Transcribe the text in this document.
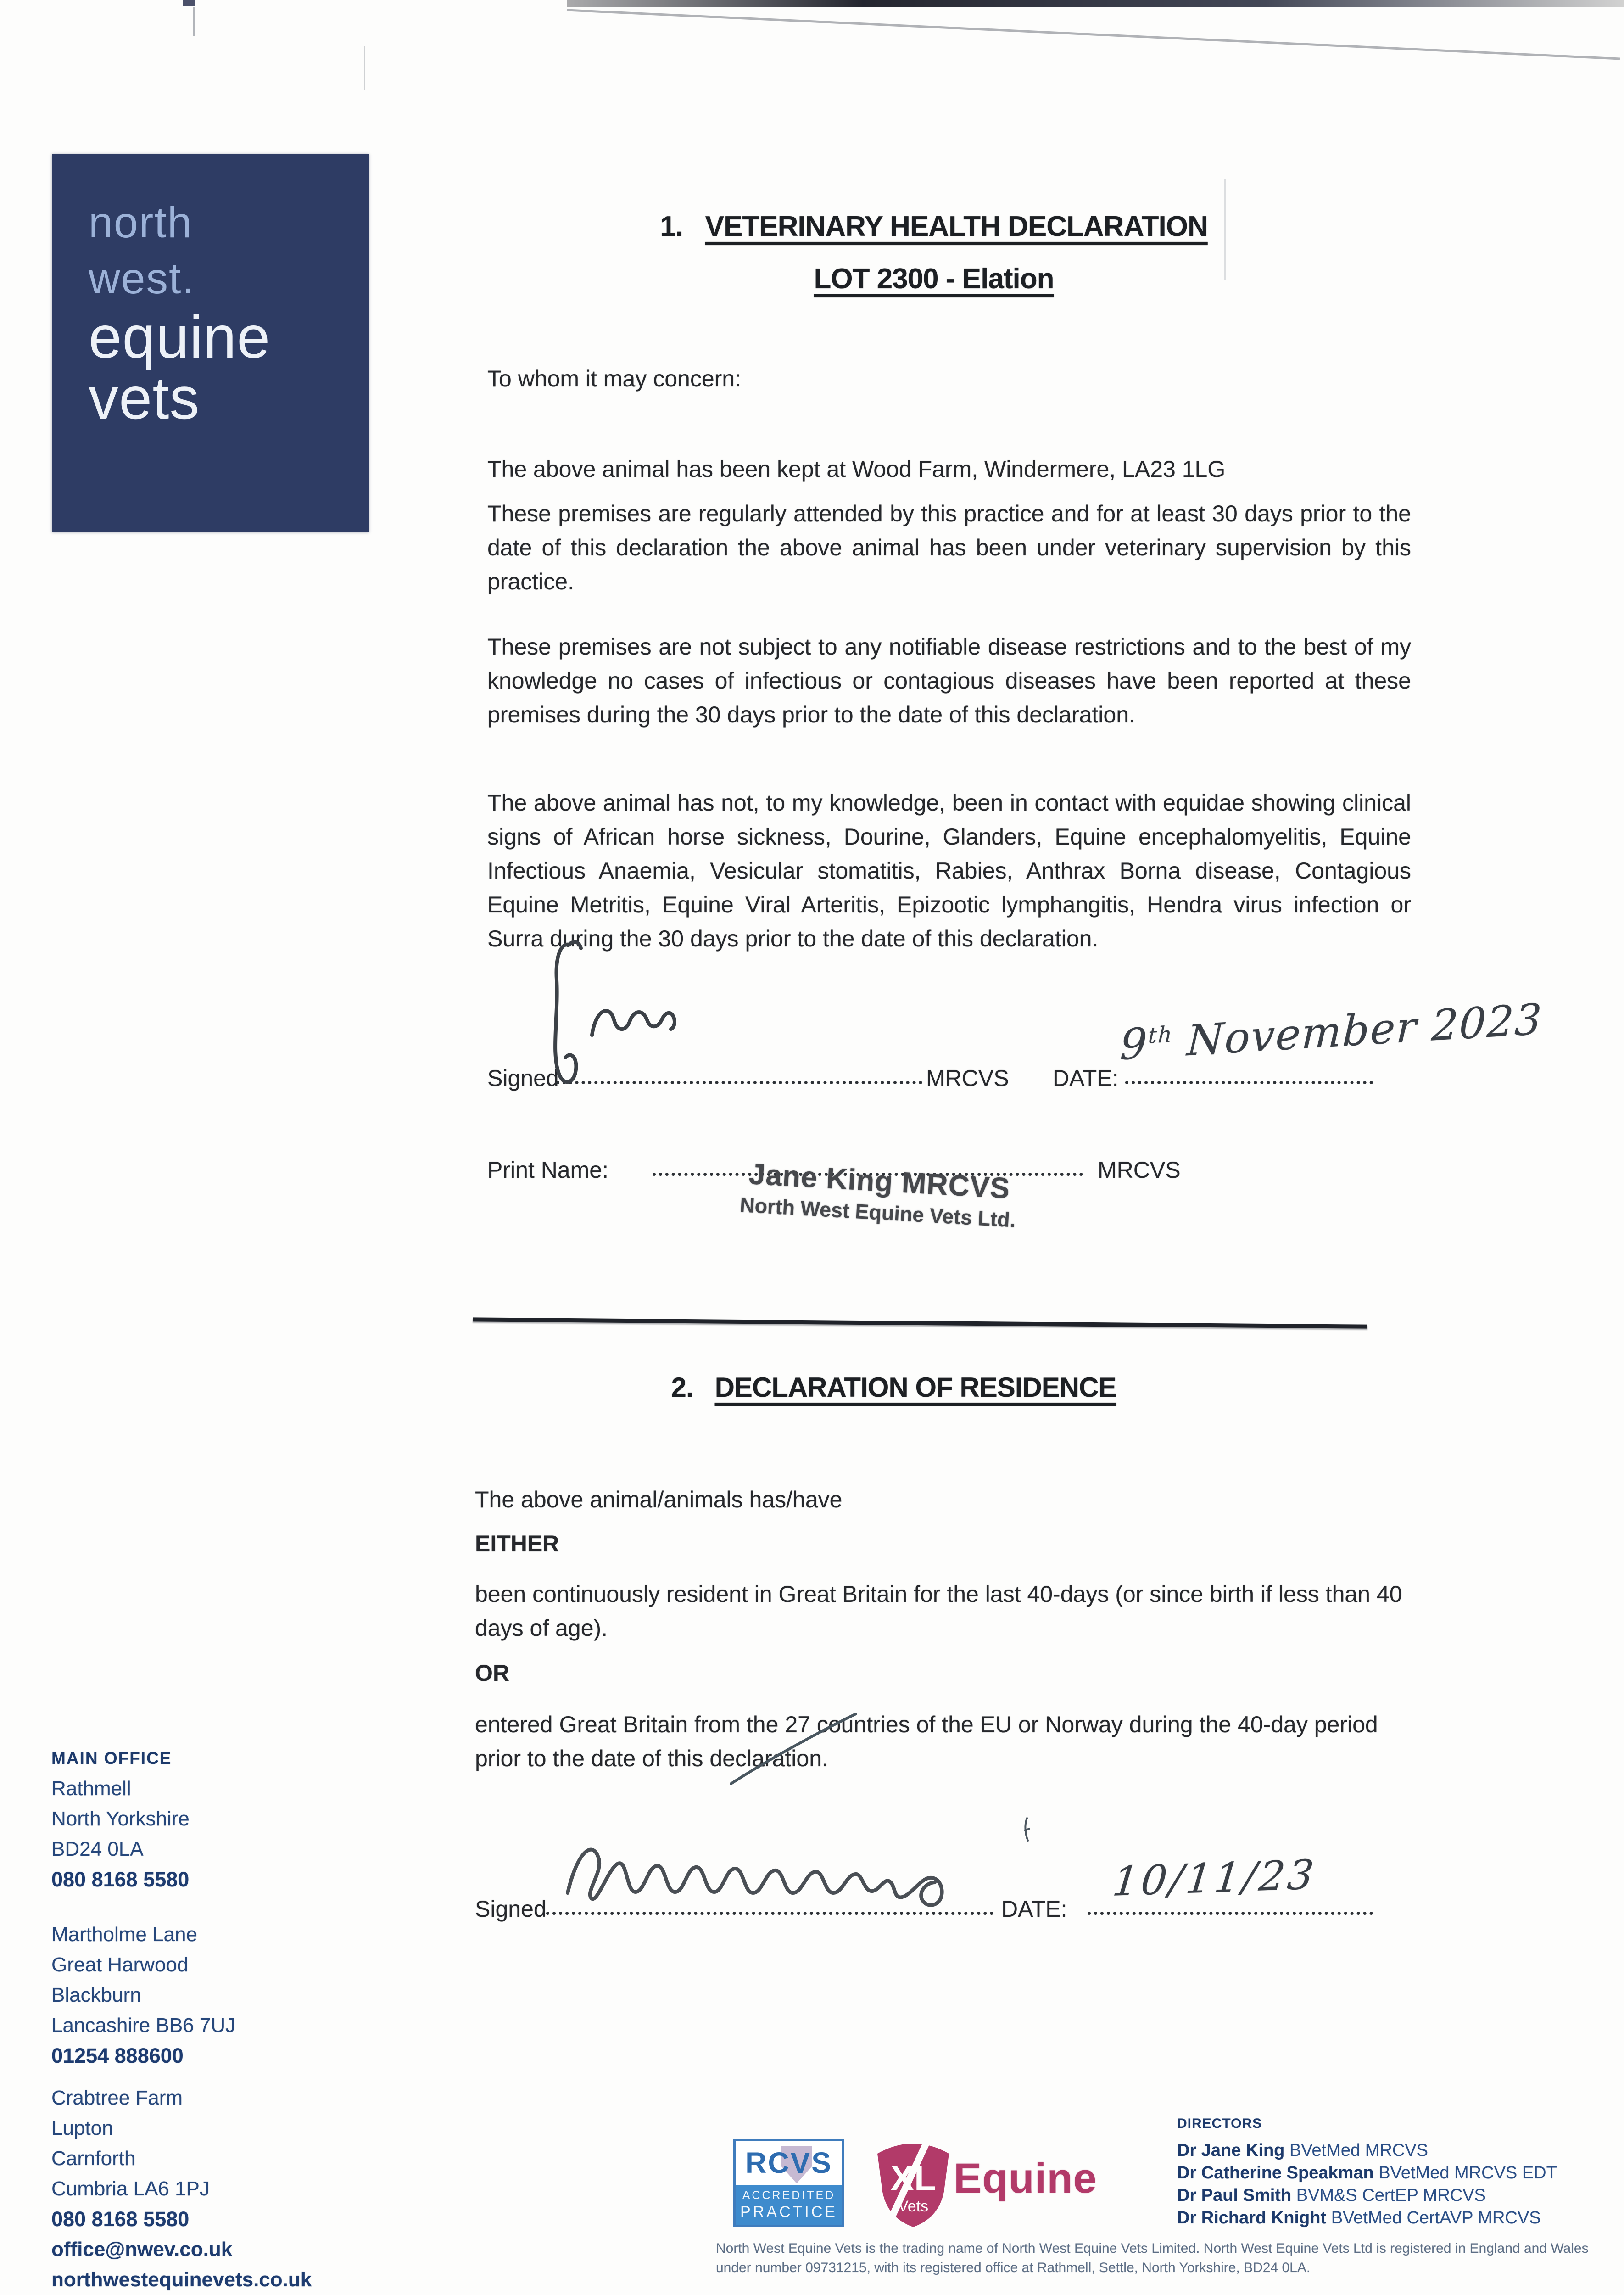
north
west.
equine
vets
1. VETERINARY HEALTH DECLARATION
LOT 2300 - Elation
To whom it may concern:
The above animal has been kept at Wood Farm, Windermere, LA23 1LG
These premises are regularly attended by this practice and for at least 30 days prior to the date of this declaration the above animal has been under veterinary supervision by this practice.
These premises are not subject to any notifiable disease restrictions and to the best of my knowledge no cases of infectious or contagious diseases have been reported at these premises during the 30 days prior to the date of this declaration.
The above animal has not, to my knowledge, been in contact with equidae showing clinical signs of African horse sickness, Dourine, Glanders, Equine encephalomyelitis, Equine Infectious Anaemia, Vesicular stomatitis, Rabies, Anthrax Borna disease, Contagious Equine Metritis, Equine Viral Arteritis, Epizootic lymphangitis, Hendra virus infection or Surra during the 30 days prior to the date of this declaration.
Signed	MRCVS DATE:
9th November 2023
Print Name:	MRCVS
Jane King MRCVS
North West Equine Vets Ltd.
2. DECLARATION OF RESIDENCE
The above animal/animals has/have
EITHER
been continuously resident in Great Britain for the last 40-days (or since birth if less than 40 days of age).
OR
entered Great Britain from the 27 countries of the EU or Norway during the 40-day period prior to the date of this declaration.
Signed	DATE:
10/11/23
MAIN OFFICE
Rathmell
North Yorkshire
BD24 0LA
080 8168 5580
Martholme Lane
Great Harwood
Blackburn
Lancashire BB6 7UJ
01254 888600
Crabtree Farm
Lupton
Carnforth
Cumbria LA6 1PJ
080 8168 5580
office@nwev.co.uk
northwestequinevets.co.uk
RCVS
ACCREDITED
PRACTICE
XL
Vets
Equine
DIRECTORS
Dr Jane King BVetMed MRCVS
Dr Catherine Speakman BVetMed MRCVS EDT
Dr Paul Smith BVM&S CertEP MRCVS
Dr Richard Knight BVetMed CertAVP MRCVS
North West Equine Vets is the trading name of North West Equine Vets Limited. North West Equine Vets Ltd is registered in England and Wales under number 09731215, with its registered office at Rathmell, Settle, North Yorkshire, BD24 0LA.
